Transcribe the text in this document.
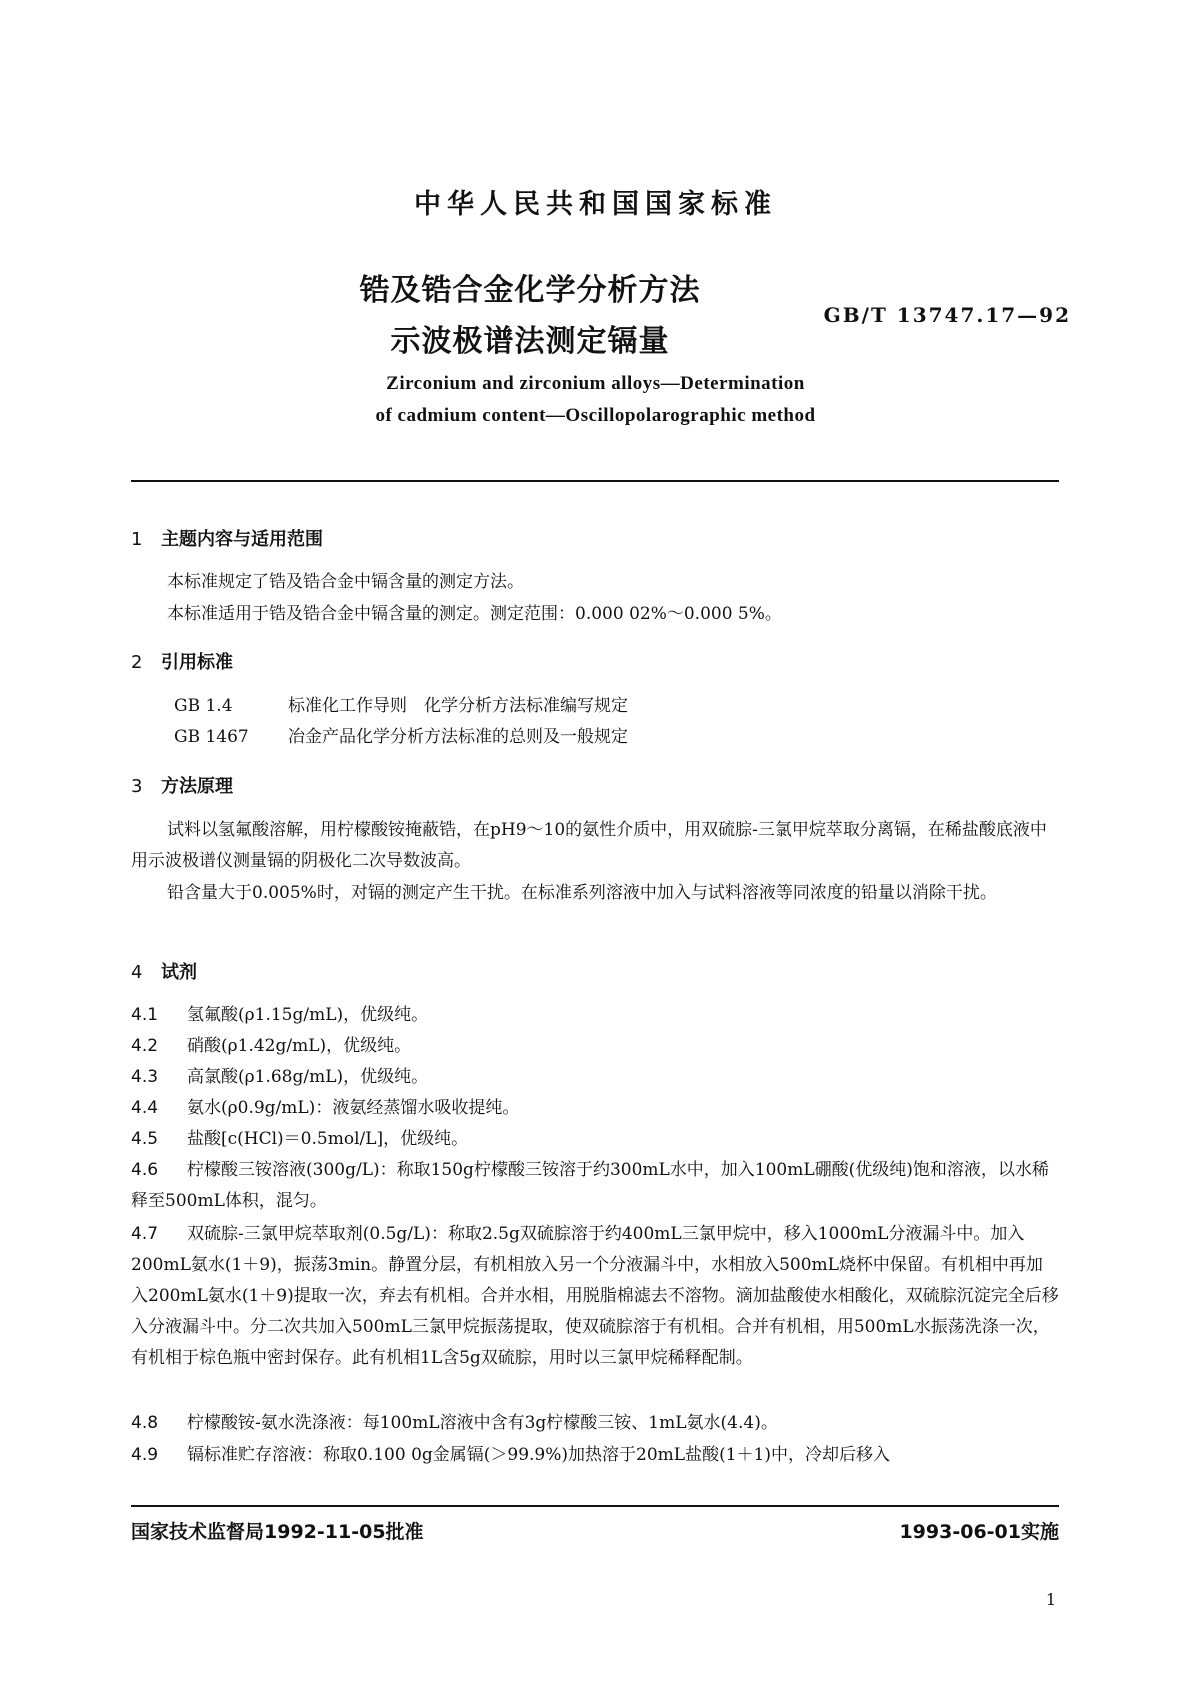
中华人民共和国国家标准
锆及锆合金化学分析方法
示波极谱法测定镉量
GB/T 13747.17—92
Zirconium and zirconium alloys—Determination
of cadmium content—Oscillopolarographic method
1 主题内容与适用范围
本标准规定了锆及锆合金中镉含量的测定方法。
本标准适用于锆及锆合金中镉含量的测定。测定范围：0.000 02%～0.000 5%。
2 引用标准
GB 1.4	标准化工作导则　化学分析方法标准编写规定
GB 1467 冶金产品化学分析方法标准的总则及一般规定
3 方法原理
试料以氢氟酸溶解，用柠檬酸铵掩蔽锆，在pH9～10的氨性介质中，用双硫腙-三氯甲烷萃取分离镉，在稀盐酸底液中用示波极谱仪测量镉的阴极化二次导数波高。
铅含量大于0.005%时，对镉的测定产生干扰。在标准系列溶液中加入与试料溶液等同浓度的铅量以消除干扰。
4 试剂
4.1 氢氟酸(ρ1.15g/mL)，优级纯。
4.2 硝酸(ρ1.42g/mL)，优级纯。
4.3 高氯酸(ρ1.68g/mL)，优级纯。
4.4 氨水(ρ0.9g/mL)：液氨经蒸馏水吸收提纯。
4.5 盐酸[c(HCl)＝0.5mol/L]，优级纯。
4.6 柠檬酸三铵溶液(300g/L)：称取150g柠檬酸三铵溶于约300mL水中，加入100mL硼酸(优级纯)饱和溶液，以水稀释至500mL体积，混匀。
4.7 双硫腙-三氯甲烷萃取剂(0.5g/L)：称取2.5g双硫腙溶于约400mL三氯甲烷中，移入1000mL分液漏斗中。加入200mL氨水(1＋9)，振荡3min。静置分层，有机相放入另一个分液漏斗中，水相放入500mL烧杯中保留。有机相中再加入200mL氨水(1＋9)提取一次，弃去有机相。合并水相，用脱脂棉滤去不溶物。滴加盐酸使水相酸化，双硫腙沉淀完全后移入分液漏斗中。分二次共加入500mL三氯甲烷振荡提取，使双硫腙溶于有机相。合并有机相，用500mL水振荡洗涤一次，有机相于棕色瓶中密封保存。此有机相1L含5g双硫腙，用时以三氯甲烷稀释配制。
4.8 柠檬酸铵-氨水洗涤液：每100mL溶液中含有3g柠檬酸三铵、1mL氨水(4.4)。
4.9 镉标准贮存溶液：称取0.100 0g金属镉(＞99.9%)加热溶于20mL盐酸(1＋1)中，冷却后移入
国家技术监督局1992-11-05批准	1993-06-01实施
1
